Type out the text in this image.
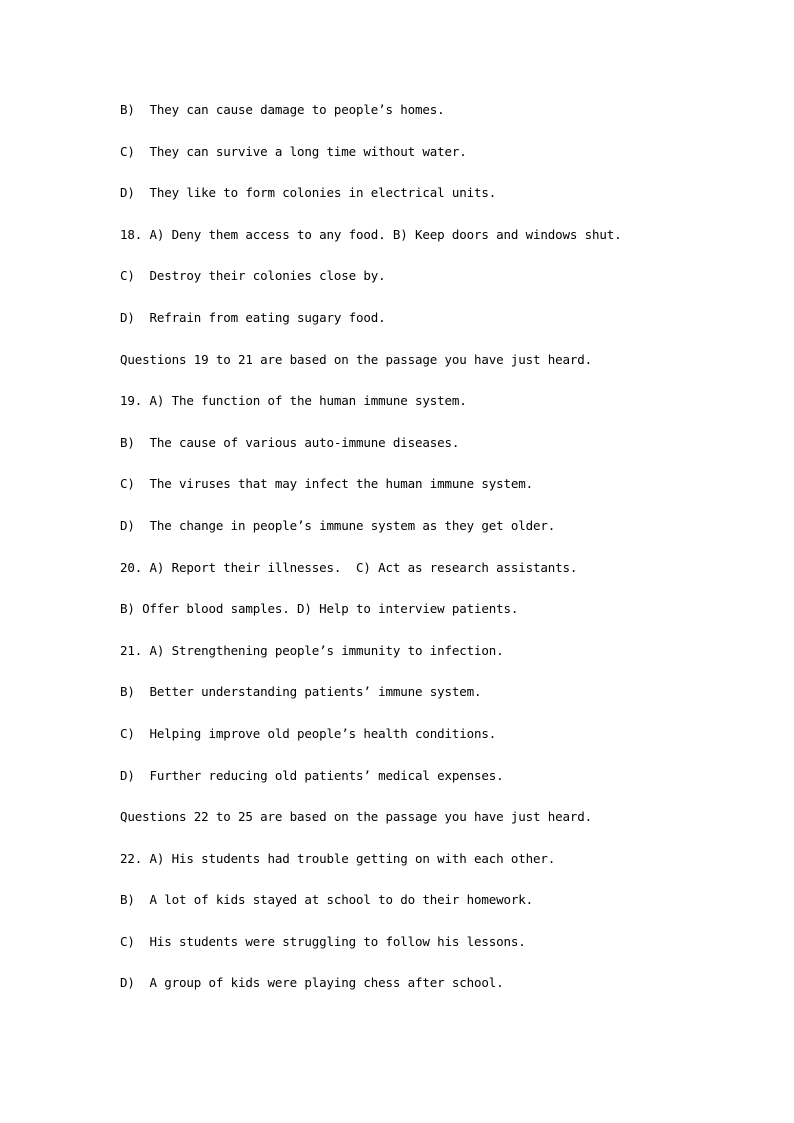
B)  They can cause damage to people’s homes.
C)  They can survive a long time without water.
D)  They like to form colonies in electrical units.
18. A) Deny them access to any food. B) Keep doors and windows shut.
C)  Destroy their colonies close by.
D)  Refrain from eating sugary food.
Questions 19 to 21 are based on the passage you have just heard.
19. A) The function of the human immune system.
B)  The cause of various auto-immune diseases.
C)  The viruses that may infect the human immune system.
D)  The change in people’s immune system as they get older.
20. A) Report their illnesses.  C) Act as research assistants.
B) Offer blood samples. D) Help to interview patients.
21. A) Strengthening people’s immunity to infection.
B)  Better understanding patients’ immune system.
C)  Helping improve old people’s health conditions.
D)  Further reducing old patients’ medical expenses.
Questions 22 to 25 are based on the passage you have just heard.
22. A) His students had trouble getting on with each other.
B)  A lot of kids stayed at school to do their homework.
C)  His students were struggling to follow his lessons.
D)  A group of kids were playing chess after school.
